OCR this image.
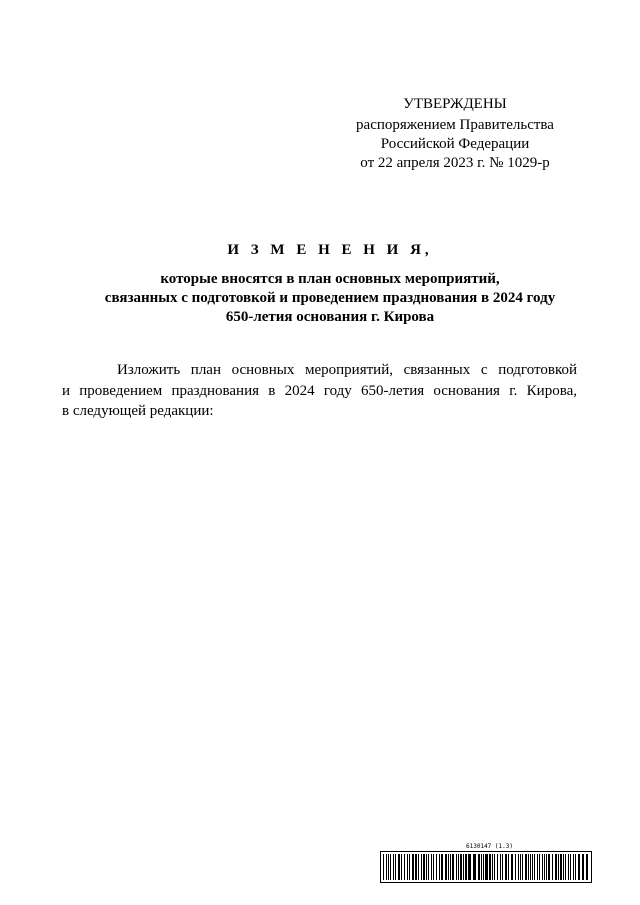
УТВЕРЖДЕНЫ
распоряжением Правительства
Российской Федерации
от 22 апреля 2023 г. № 1029-р
И З М Е Н Е Н И Я,
которые вносятся в план основных мероприятий,
связанных с подготовкой и проведением празднования в 2024 году
650-летия основания г. Кирова
Изложить план основных мероприятий, связанных с подготовкой
и проведением празднования в 2024 году 650-летия основания г. Кирова,
в следующей редакции:
6130147 (1.3)
